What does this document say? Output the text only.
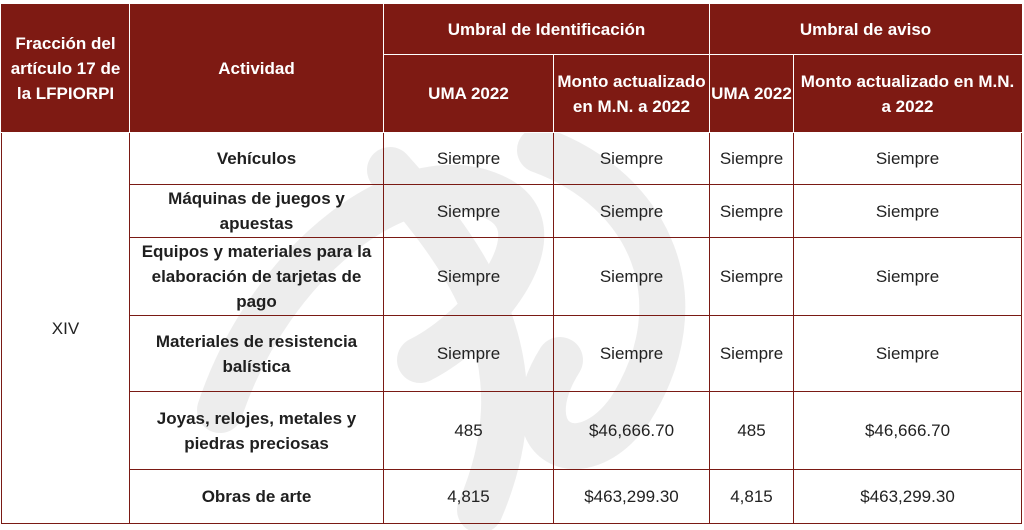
Fracción del artículo 17 de la LFPIORPI	Actividad	Umbral de Identificación		Umbral de aviso	
		UMA 2022	Monto actualizado en M.N. a 2022	UMA 2022	Monto actualizado en M.N. a 2022
XIV	Vehículos	Siempre	Siempre	Siempre	Siempre
	Máquinas de juegos y apuestas	Siempre	Siempre	Siempre	Siempre
	Equipos y materiales para la elaboración de tarjetas de pago	Siempre	Siempre	Siempre	Siempre
	Materiales de resistencia balística	Siempre	Siempre	Siempre	Siempre
	Joyas, relojes, metales y piedras preciosas	485	$46,666.70	485	$46,666.70
	Obras de arte	4,815	$463,299.30	4,815	$463,299.30
